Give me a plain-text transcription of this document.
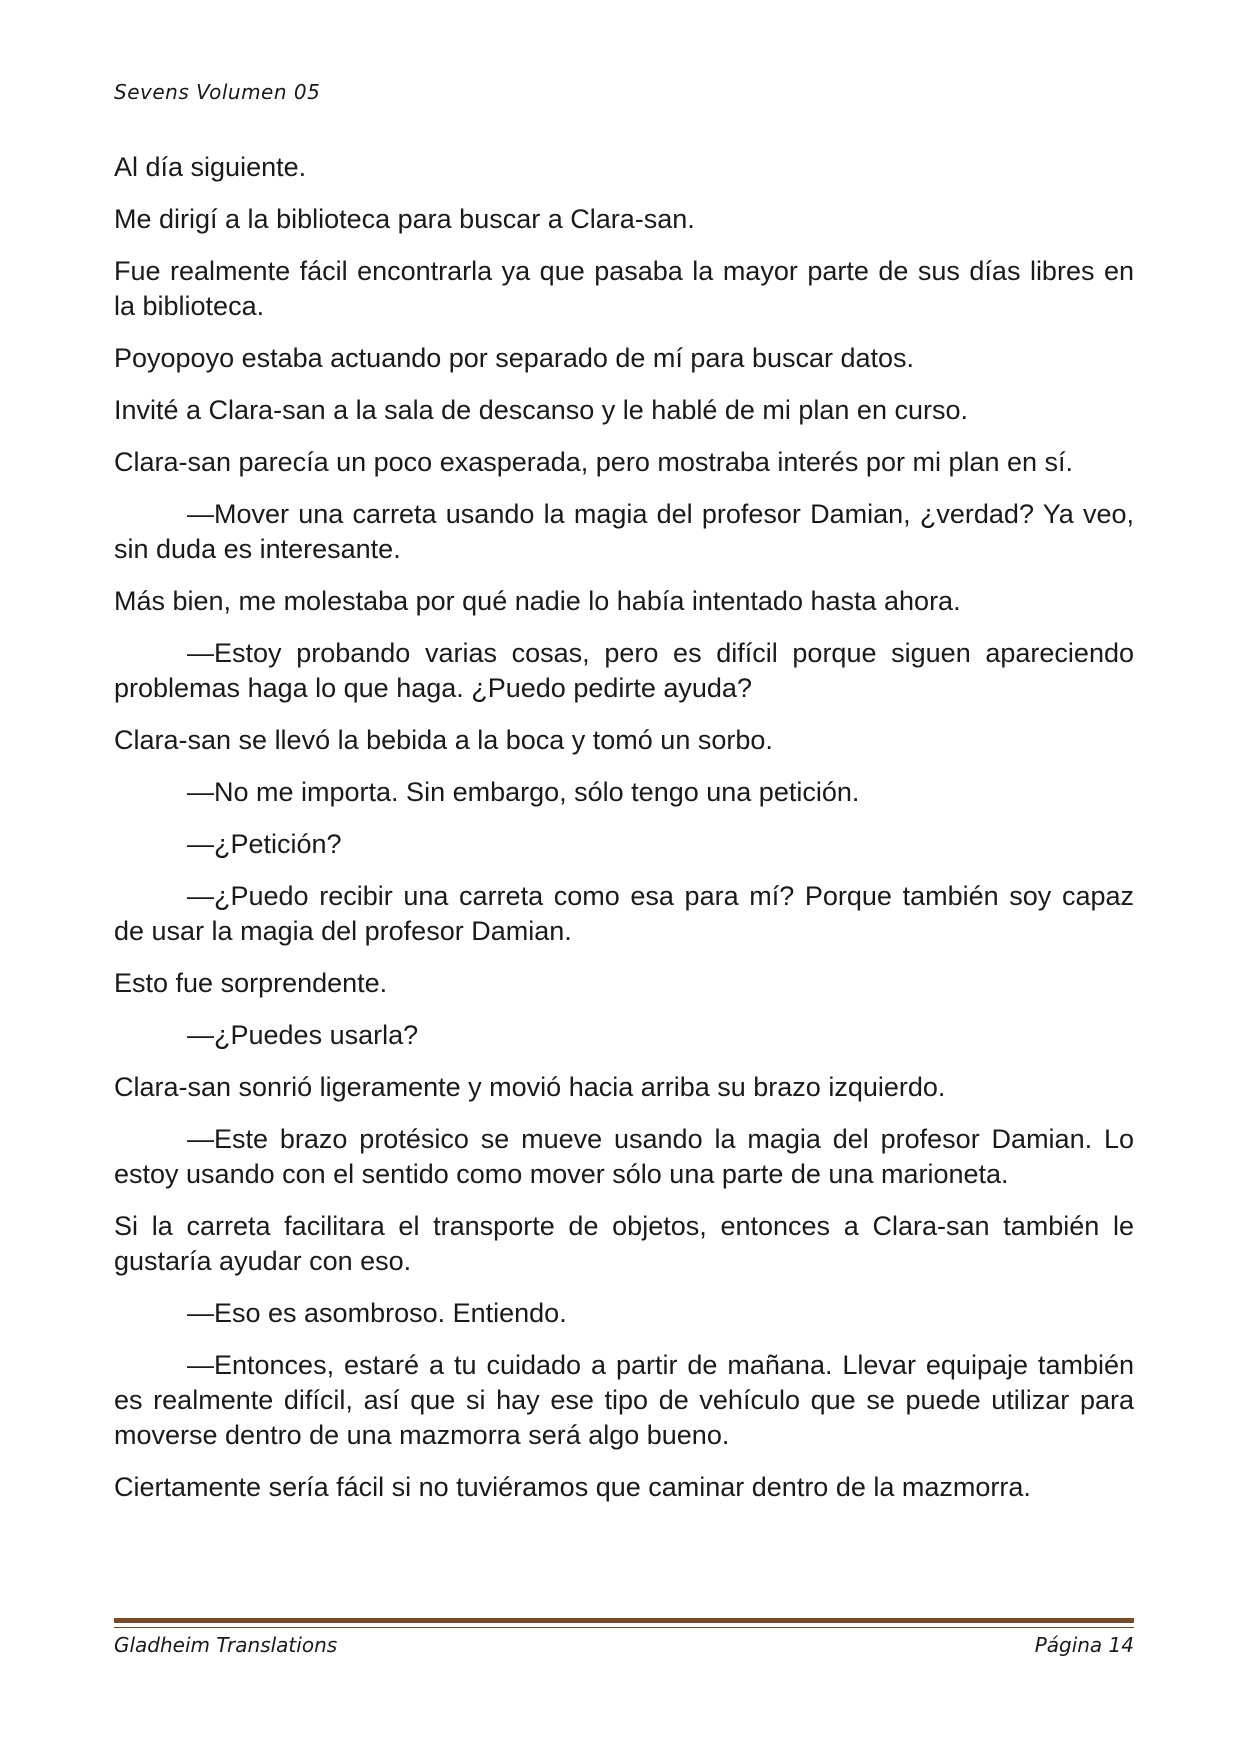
Sevens Volumen 05

Al día siguiente.

Me dirigí a la biblioteca para buscar a Clara-san.

Fue realmente fácil encontrarla ya que pasaba la mayor parte de sus días libres en la biblioteca.

Poyopoyo estaba actuando por separado de mí para buscar datos.

Invité a Clara-san a la sala de descanso y le hablé de mi plan en curso.

Clara-san parecía un poco exasperada, pero mostraba interés por mi plan en sí.

—Mover una carreta usando la magia del profesor Damian, ¿verdad? Ya veo, sin duda es interesante.

Más bien, me molestaba por qué nadie lo había intentado hasta ahora.

—Estoy probando varias cosas, pero es difícil porque siguen apareciendo problemas haga lo que haga. ¿Puedo pedirte ayuda?

Clara-san se llevó la bebida a la boca y tomó un sorbo.

—No me importa. Sin embargo, sólo tengo una petición.

—¿Petición?

—¿Puedo recibir una carreta como esa para mí? Porque también soy capaz de usar la magia del profesor Damian.

Esto fue sorprendente.

—¿Puedes usarla?

Clara-san sonrió ligeramente y movió hacia arriba su brazo izquierdo.

—Este brazo protésico se mueve usando la magia del profesor Damian. Lo estoy usando con el sentido como mover sólo una parte de una marioneta.

Si la carreta facilitara el transporte de objetos, entonces a Clara-san también le gustaría ayudar con eso.

—Eso es asombroso. Entiendo.

—Entonces, estaré a tu cuidado a partir de mañana. Llevar equipaje también es realmente difícil, así que si hay ese tipo de vehículo que se puede utilizar para moverse dentro de una mazmorra será algo bueno.

Ciertamente sería fácil si no tuviéramos que caminar dentro de la mazmorra.

Gladheim Translations	Página 14
